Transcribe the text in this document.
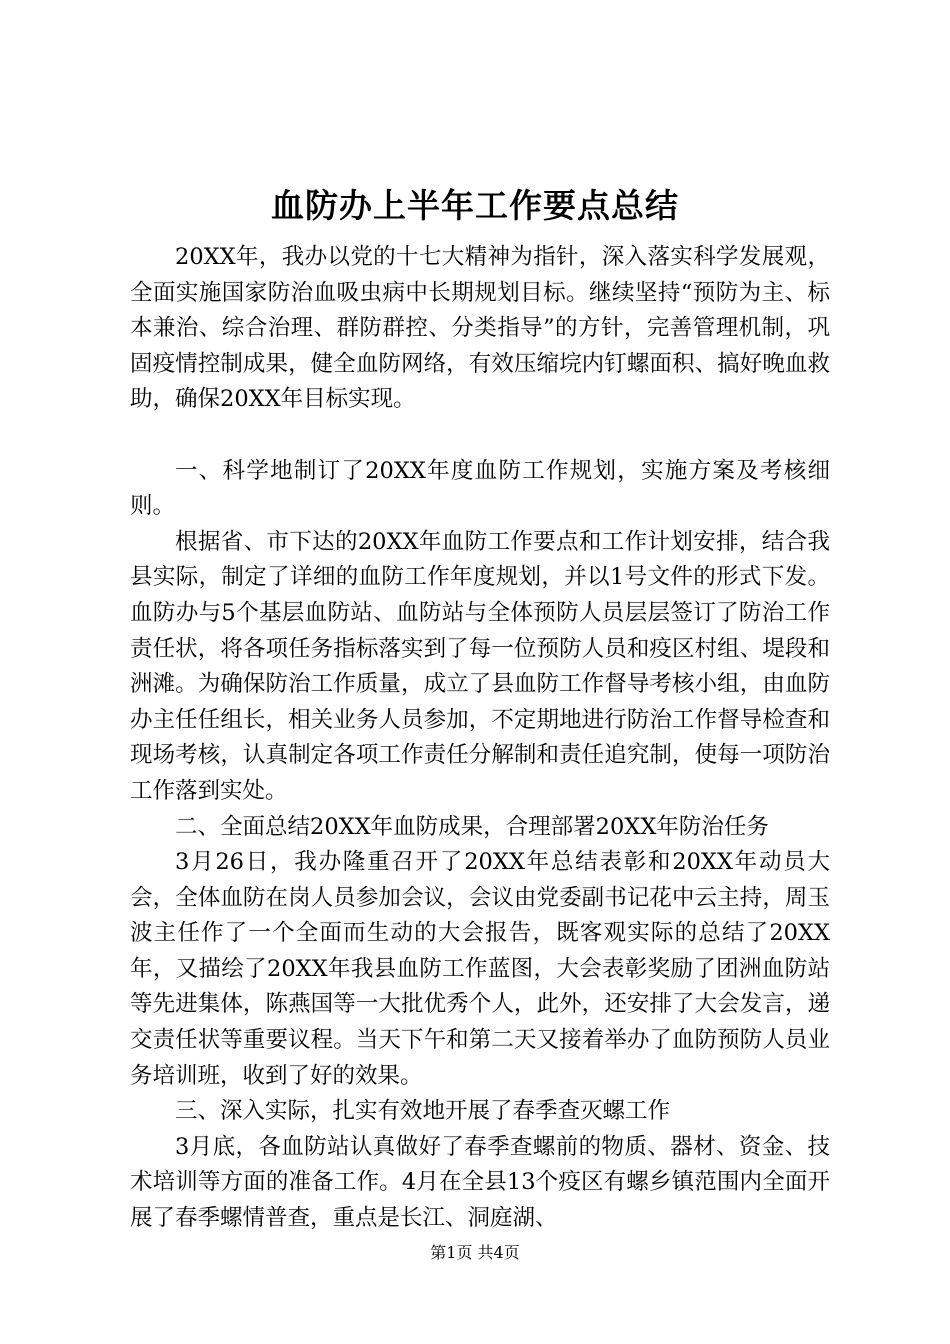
血防办上半年工作要点总结

20XX年，我办以党的十七大精神为指针，深入落实科学发展观，全面实施国家防治血吸虫病中长期规划目标。继续坚持“预防为主、标本兼治、综合治理、群防群控、分类指导”的方针，完善管理机制，巩固疫情控制成果，健全血防网络，有效压缩垸内钉螺面积、搞好晚血救助，确保20XX年目标实现。

一、科学地制订了20XX年度血防工作规划，实施方案及考核细则。

根据省、市下达的20XX年血防工作要点和工作计划安排，结合我县实际，制定了详细的血防工作年度规划，并以1号文件的形式下发。血防办与5个基层血防站、血防站与全体预防人员层层签订了防治工作责任状，将各项任务指标落实到了每一位预防人员和疫区村组、堤段和洲滩。为确保防治工作质量，成立了县血防工作督导考核小组，由血防办主任任组长，相关业务人员参加，不定期地进行防治工作督导检查和现场考核，认真制定各项工作责任分解制和责任追究制，使每一项防治工作落到实处。

二、全面总结20XX年血防成果，合理部署20XX年防治任务

3月26日，我办隆重召开了20XX年总结表彰和20XX年动员大会，全体血防在岗人员参加会议，会议由党委副书记花中云主持，周玉波主任作了一个全面而生动的大会报告，既客观实际的总结了20XX年，又描绘了20XX年我县血防工作蓝图，大会表彰奖励了团洲血防站等先进集体，陈燕国等一大批优秀个人，此外，还安排了大会发言，递交责任状等重要议程。当天下午和第二天又接着举办了血防预防人员业务培训班，收到了好的效果。

三、深入实际，扎实有效地开展了春季查灭螺工作

3月底，各血防站认真做好了春季查螺前的物质、器材、资金、技术培训等方面的准备工作。4月在全县13个疫区有螺乡镇范围内全面开展了春季螺情普查，重点是长江、洞庭湖、

第1页 共4页
